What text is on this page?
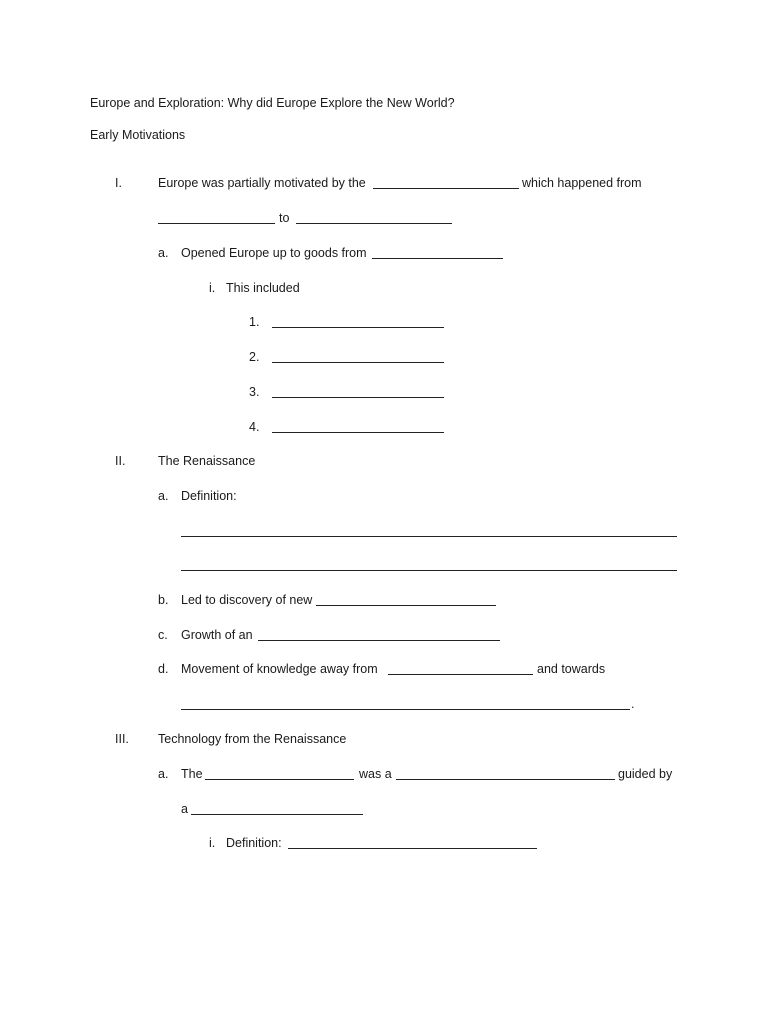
Europe and Exploration: Why did Europe Explore the New World?
Early Motivations
I.	Europe was partially motivated by the	which happened from
to
a. Opened Europe up to goods from
i. This included
1.
2.
3.
4.
II.	The Renaissance
a. Definition:
b. Led to discovery of new
c. Growth of an
d. Movement of knowledge away from	and towards
.
III. Technology from the Renaissance
a. The	was a	guided by
a
i. Definition:
